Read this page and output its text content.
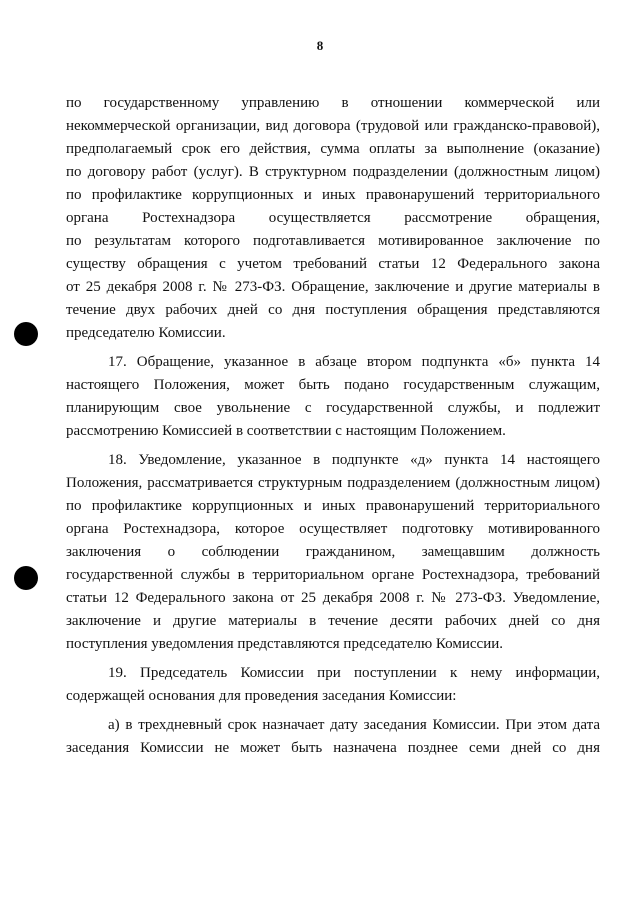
8
по государственному управлению в отношении коммерческой или
некоммерческой организации, вид договора (трудовой или гражданско-правовой),
предполагаемый срок его действия, сумма оплаты за выполнение (оказание)
по договору работ (услуг). В структурном подразделении (должностным лицом)
по профилактике коррупционных и иных правонарушений территориального
органа Ростехнадзора осуществляется рассмотрение обращения,
по результатам которого подготавливается мотивированное заключение по
существу обращения с учетом требований статьи 12 Федерального закона
от 25 декабря 2008 г. № 273-ФЗ. Обращение, заключение и другие материалы в
течение двух рабочих дней со дня поступления обращения представляются
председателю Комиссии.
17. Обращение, указанное в абзаце втором подпункта «б» пункта 14
настоящего Положения, может быть подано государственным служащим,
планирующим свое увольнение с государственной службы, и подлежит
рассмотрению Комиссией в соответствии с настоящим Положением.
18. Уведомление, указанное в подпункте «д» пункта 14 настоящего
Положения, рассматривается структурным подразделением (должностным лицом)
по профилактике коррупционных и иных правонарушений территориального
органа Ростехнадзора, которое осуществляет подготовку мотивированного
заключения о соблюдении гражданином, замещавшим должность
государственной службы в территориальном органе Ростехнадзора, требований
статьи 12 Федерального закона от 25 декабря 2008 г. № 273-ФЗ. Уведомление,
заключение и другие материалы в течение десяти рабочих дней со дня
поступления уведомления представляются председателю Комиссии.
19. Председатель Комиссии при поступлении к нему информации,
содержащей основания для проведения заседания Комиссии:
а) в трехдневный срок назначает дату заседания Комиссии. При этом дата
заседания Комиссии не может быть назначена позднее семи дней со дня
